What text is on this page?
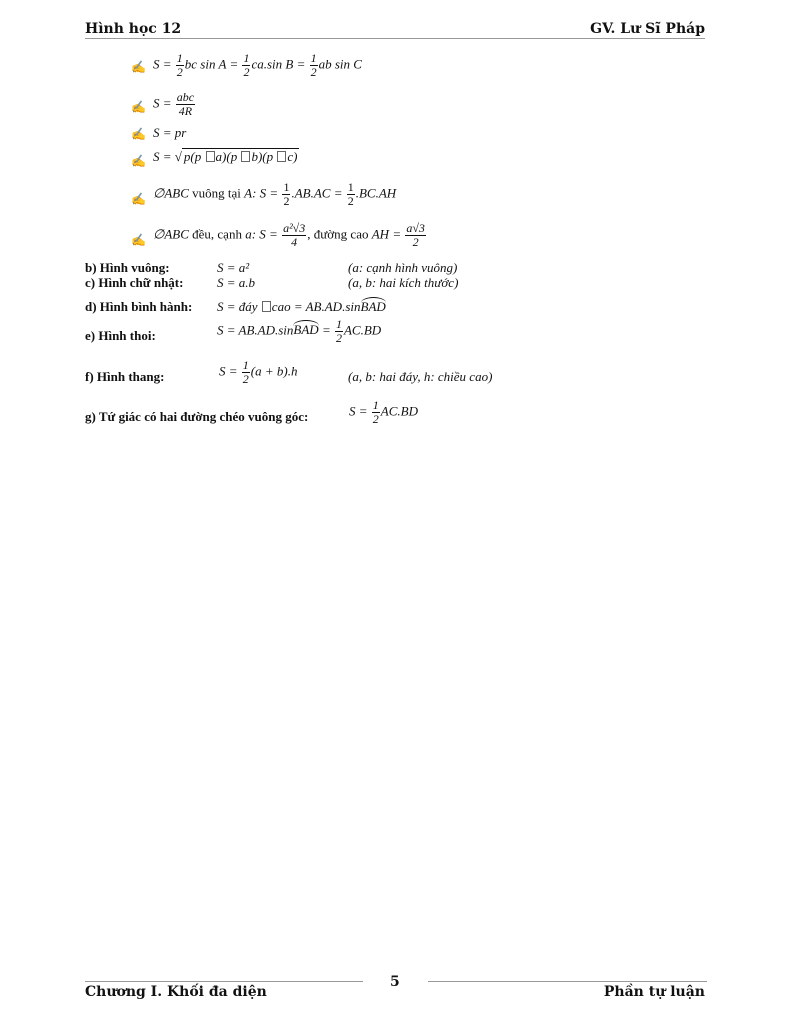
Hình học 12	GV. Lư Sĩ Pháp
✍ $S = \frac{1}{2}$ bc $\sin A = \frac{1}{2} ca.\sin$ $B = \frac{1}{2}$ ab sin C
✍ $S = \frac{\text{abc}}{4R}$
✍ S = pr
✍ S = √ p(p a)(p b)(p c)
✍ ∅ABC vuông tại A: $S = \frac{1}{2} .AB.AC = \frac{1}{2} .BC.AH$
✍ ∅ABC đều, cạnh a: $S = \frac{\text{a²√3}}{4}$ , đường cao AH = $\frac{a√3}{2}$
b) Hình vuông:	S = a²	(a: cạnh hình vuông)
c) Hình chữ nhật:	S = a.b	(a, b: hai kích thước)
d) Hình bình hành: S = đáy cao = AB.AD.sinBAD
e) Hình thoi:	S = AB.AD.sinBAD = $\frac{1}{2} AC.BD$
f) Hình thang:	$S = \frac{1}{2} (a + b).h$	(a, b: hai đáy, h: chiều cao)
g) Tứ giác có hai đường chéo vuông góc:	$S = \frac{1}{2} AC.BD$
5
Chương I. Khối đa diện	Phần tự luận
